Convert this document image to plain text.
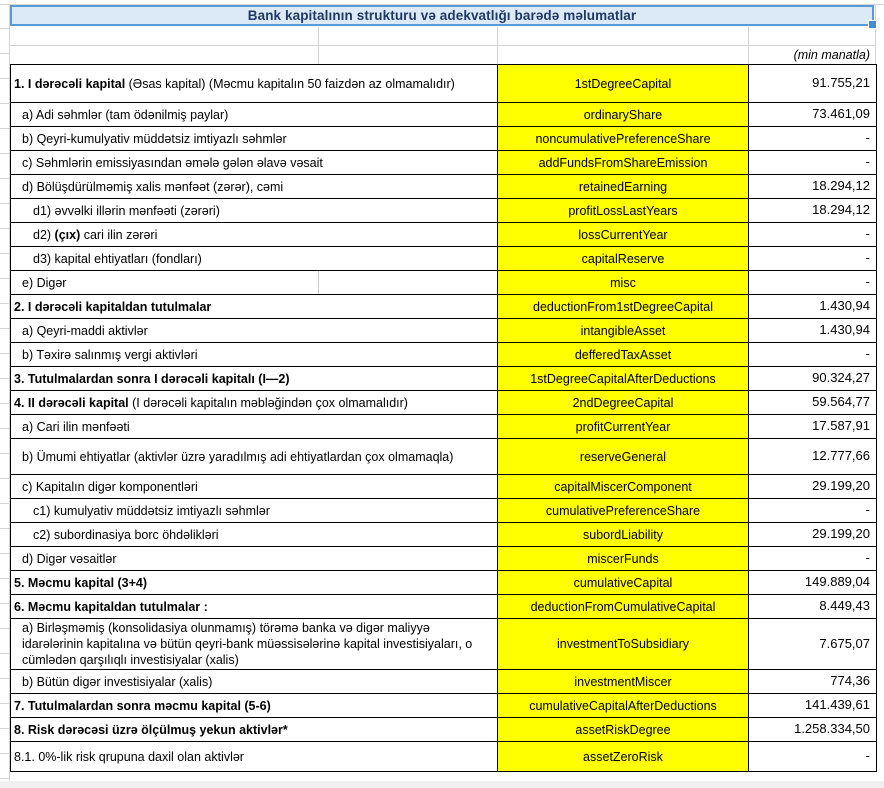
Bank kapitalının strukturu və adekvatlığı barədə məlumatlar
(min manatla)
1. I dərəcəli kapital (Əsas kapital) (Məcmu kapitalın 50 faizdən az olmamalıdır)	1stDegreeCapital	91.755,21
a) Adi səhmlər (tam ödənilmiş paylar)	ordinaryShare	73.461,09
b) Qeyri-kumulyativ müddətsiz imtiyazlı səhmlər	noncumulativePreferenceShare	-
c) Səhmlərin emissiyasından əmələ gələn əlavə vəsait	addFundsFromShareEmission	-
d) Bölüşdürülməmiş xalis mənfəət (zərər), cəmi	retainedEarning	18.294,12
d1) əvvəlki illərin mənfəəti (zərəri)	profitLossLastYears	18.294,12
d2) (çıx) cari ilin zərəri	lossCurrentYear	-
d3) kapital ehtiyatları (fondları)	capitalReserve	-
e) Digər	misc	-
2. I dərəcəli kapitaldan tutulmalar	deductionFrom1stDegreeCapital	1.430,94
a) Qeyri-maddi aktivlər	intangibleAsset	1.430,94
b) Təxirə salınmış vergi aktivləri	defferedTaxAsset	-
3. Tutulmalardan sonra I dərəcəli kapitalı (I—2)	1stDegreeCapitalAfterDeductions	90.324,27
4. II dərəcəli kapital (I dərəcəli kapitalın məbləğindən çox olmamalıdır)	2ndDegreeCapital	59.564,77
a) Cari ilin mənfəəti	profitCurrentYear	17.587,91
b) Ümumi ehtiyatlar (aktivlər üzrə yaradılmış adi ehtiyatlardan çox olmamaqla)	reserveGeneral	12.777,66
c) Kapitalın digər komponentləri	capitalMiscerComponent	29.199,20
c1) kumulyativ müddətsiz imtiyazlı səhmlər	cumulativePreferenceShare	-
c2) subordinasiya borc öhdəlikləri	subordLiability	29.199,20
d) Digər vəsaitlər	miscerFunds	-
5. Məcmu kapital (3+4)	cumulativeCapital	149.889,04
6. Məcmu kapitaldan tutulmalar :	deductionFromCumulativeCapital	8.449,43
a) Birləşməmiş (konsolidasiya olunmamış) törəmə banka və digər maliyyə idarələrinin kapitalına və bütün qeyri-bank müəssisələrinə kapital investisiyaları, o cümlədən qarşılıqlı investisiyalar (xalis)	investmentToSubsidiary	7.675,07
b) Bütün digər investisiyalar (xalis)	investmentMiscer	774,36
7. Tutulmalardan sonra məcmu kapital (5-6)	cumulativeCapitalAfterDeductions	141.439,61
8. Risk dərəcəsi üzrə ölçülmuş yekun aktivlər*	assetRiskDegree	1.258.334,50
8.1. 0%-lik risk qrupuna daxil olan aktivlər	assetZeroRisk	-
